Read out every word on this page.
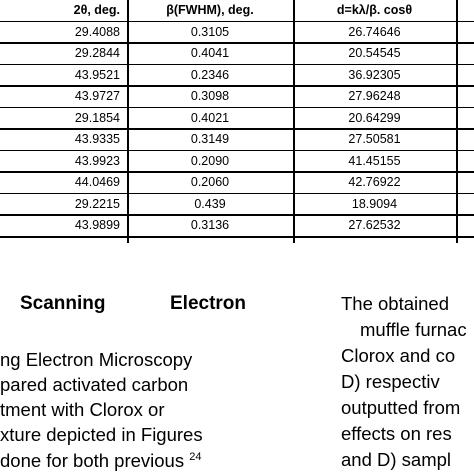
2θ, deg.	β(FWHM), deg.	d=kλ/β. cosθ
29.4088	0.3105	26.74646
29.2844	0.4041	20.54545
43.9521	0.2346	36.92305
43.9727	0.3098	27.96248
29.1854	0.4021	20.64299
43.9335	0.3149	27.50581
43.9923	0.2090	41.45155
44.0469	0.2060	42.76922
29.2215	0.439	18.9094
43.9899	0.3136	27.62532
Scanning	Electron
ng Electron Microscopy
pared activated carbon
tment with Clorox or
xture depicted in Figures
done for both previous $^{24}$
The obtained
muffle furnac
Clorox and co
D) respectiv
outputted from
effects on res
and D) sampl
